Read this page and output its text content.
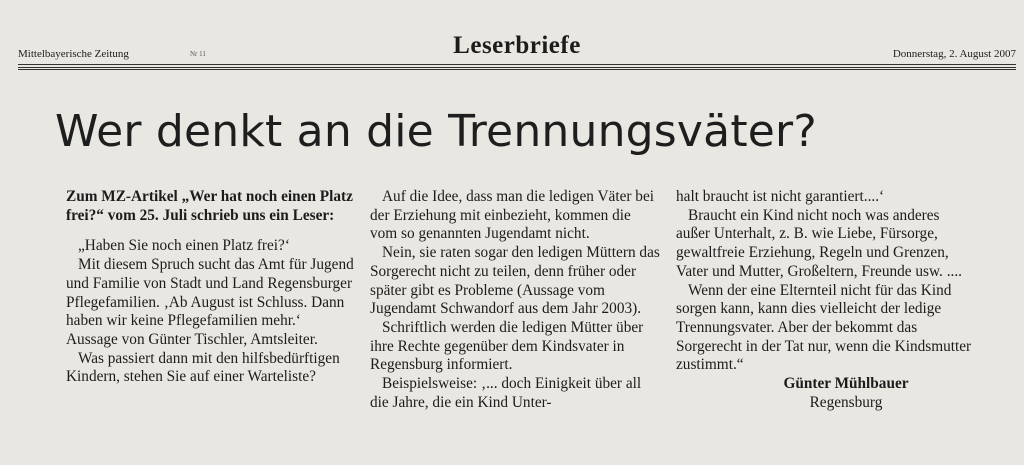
Mittelbayerische Zeitung	Nr 11	Leserbriefe	Donnerstag, 2. August 2007
Wer denkt an die Trennungsväter?

Zum MZ-Artikel „Wer hat noch einen Platz frei?“ vom 25. Juli schrieb uns ein Leser:

„Haben Sie noch einen Platz frei?‘

Mit diesem Spruch sucht das Amt für Jugend und Familie von Stadt und Land Regensburger Pflegefamilien. ‚Ab August ist Schluss. Dann haben wir keine Pflegefamilien mehr.‘ Aussage von Günter Tischler, Amtsleiter.

Was passiert dann mit den hilfsbedürftigen Kindern, stehen Sie auf einer Warteliste?

Auf die Idee, dass man die ledigen Väter bei der Erziehung mit einbezieht, kommen die vom so genannten Jugendamt nicht.

Nein, sie raten sogar den ledigen Müttern das Sorgerecht nicht zu teilen, denn früher oder später gibt es Probleme (Aussage vom Jugendamt Schwandorf aus dem Jahr 2003).

Schriftlich werden die ledigen Mütter über ihre Rechte gegenüber dem Kindsvater in Regensburg informiert.

Beispielsweise: ‚... doch Einigkeit über all die Jahre, die ein Kind Unter-

halt braucht ist nicht garantiert....‘

Braucht ein Kind nicht noch was anderes außer Unterhalt, z. B. wie Liebe, Fürsorge, gewaltfreie Erziehung, Regeln und Grenzen, Vater und Mutter, Großeltern, Freunde usw. ....

Wenn der eine Elternteil nicht für das Kind sorgen kann, kann dies vielleicht der ledige Trennungsvater. Aber der bekommt das Sorgerecht in der Tat nur, wenn die Kindsmutter zustimmt.“

Günter Mühlbauer

Regensburg
